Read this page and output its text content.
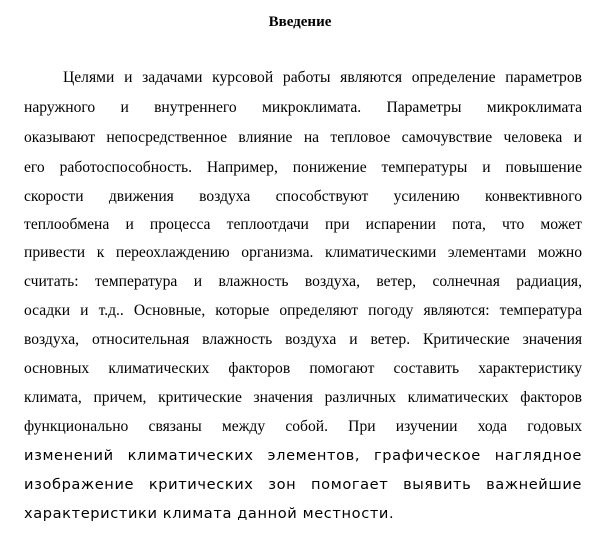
Введение

Целями и задачами курсовой работы являются определение параметров

наружного и внутреннего микроклимата. Параметры микроклимата

оказывают непосредственное влияние на тепловое самочувствие человека и

его работоспособность. Например, понижение температуры и повышение

скорости движения воздуха способствуют усилению конвективного

теплообмена и процесса теплоотдачи при испарении пота, что может

привести к переохлаждению организма. климатическими элементами можно

считать: температура и влажность воздуха, ветер, солнечная радиация,

осадки и т.д.. Основные, которые определяют погоду являются: температура

воздуха, относительная влажность воздуха и ветер. Критические значения

основных климатических факторов помогают составить характеристику

климата, причем, критические значения различных климатических факторов

функционально связаны между собой. При изучении хода годовых

изменений климатических элементов, графическое наглядное

изображение критических зон помогает выявить важнейшие

характеристики климата данной местности.
